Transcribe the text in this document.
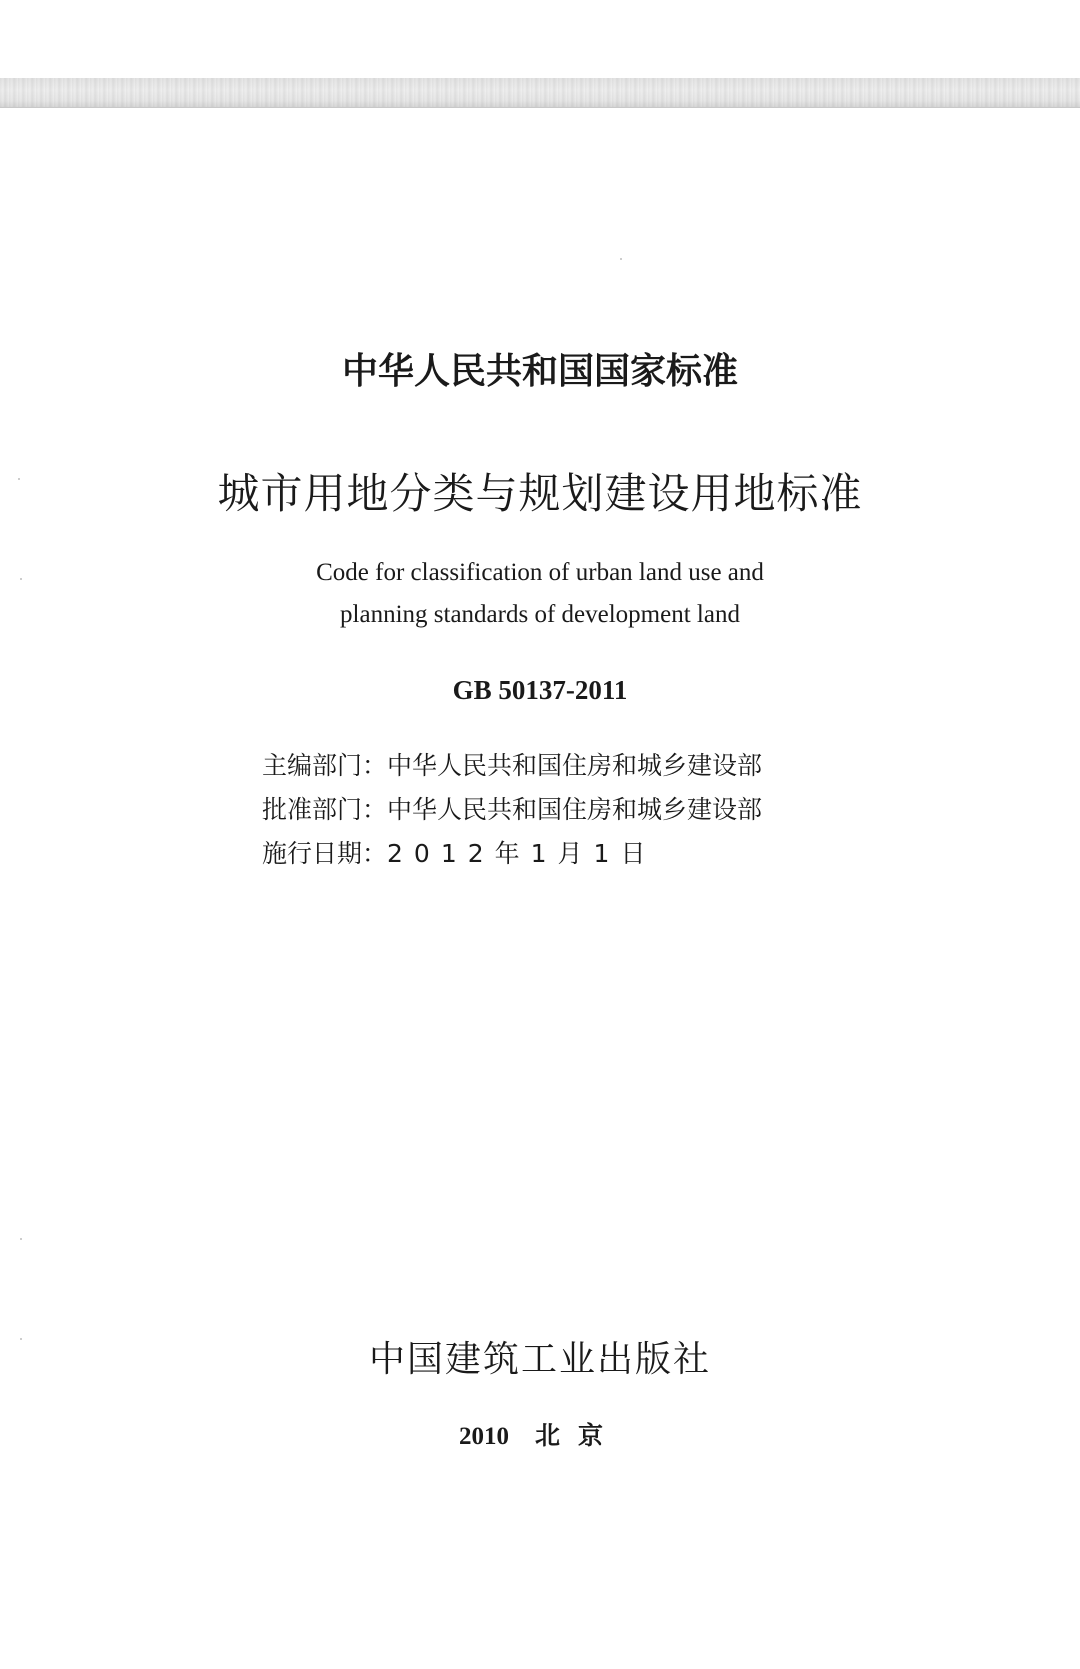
中华人民共和国国家标准
城市用地分类与规划建设用地标准
Code for classification of urban land use and
planning standards of development land
GB 50137-2011
主编部门： 中华人民共和国住房和城乡建设部
批准部门： 中华人民共和国住房和城乡建设部
施行日期： 2012年1月1日
中国建筑工业出版社
2010 北京
